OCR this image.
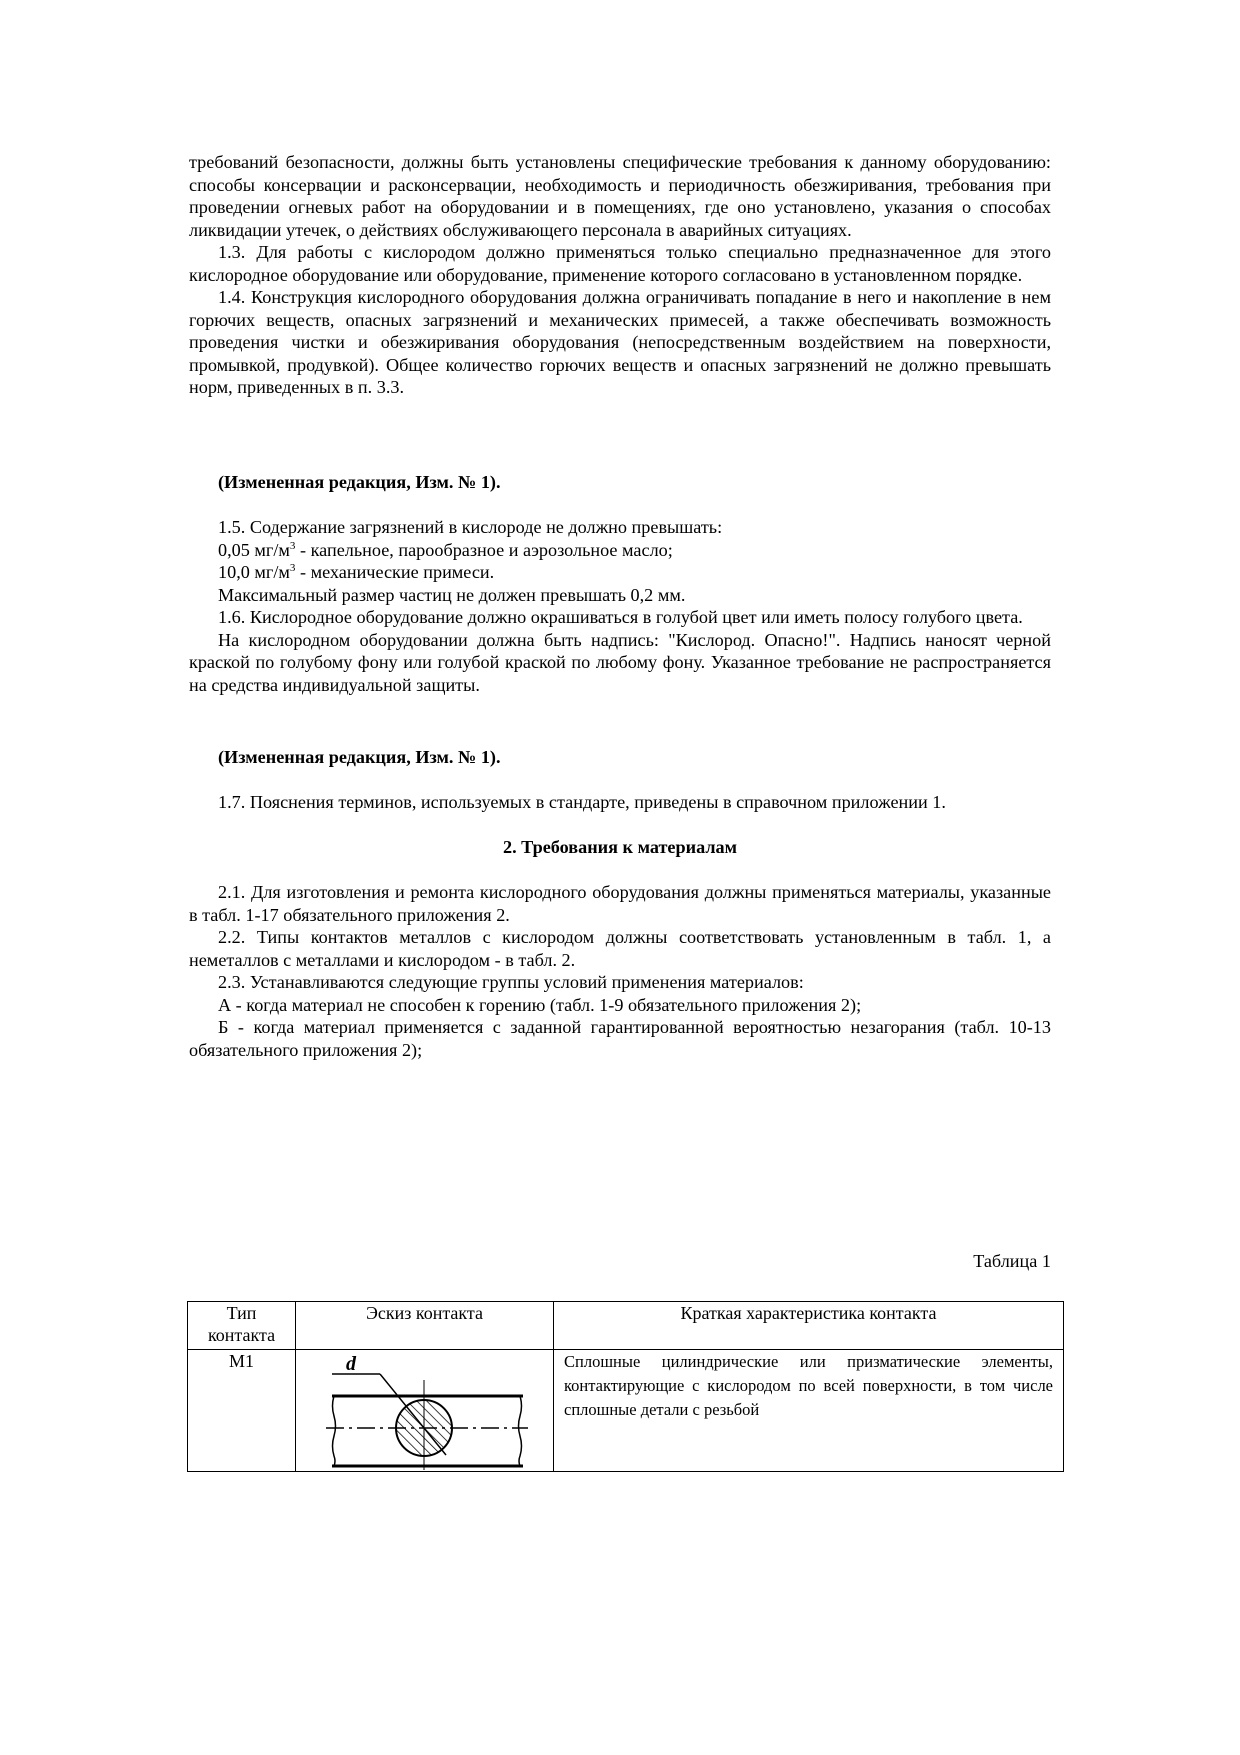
требований безопасности, должны быть установлены специфические требования к данному оборудованию: способы консервации и расконсервации, необходимость и периодичность обезжиривания, требования при проведении огневых работ на оборудовании и в помещениях, где оно установлено, указания о способах ликвидации утечек, о действиях обслуживающего персонала в аварийных ситуациях.

1.3. Для работы с кислородом должно применяться только специально предназначенное для этого кислородное оборудование или оборудование, применение которого согласовано в установленном порядке.

1.4. Конструкция кислородного оборудования должна ограничивать попадание в него и накопление в нем горючих веществ, опасных загрязнений и механических примесей, а также обеспечивать возможность проведения чистки и обезжиривания оборудования (непосредственным воздействием на поверхности, промывкой, продувкой). Общее количество горючих веществ и опасных загрязнений не должно превышать норм, приведенных в п. 3.3.

(Измененная редакция, Изм. № 1).

1.5. Содержание загрязнений в кислороде не должно превышать:

0,05 $мг/м^3$ - капельное, парообразное и аэрозольное масло;

10,0 $мг/м^3$ - механические примеси.

Максимальный размер частиц не должен превышать 0,2 мм.

1.6. Кислородное оборудование должно окрашиваться в голубой цвет или иметь полосу голубого цвета.

На кислородном оборудовании должна быть надпись: "Кислород. Опасно!". Надпись наносят черной краской по голубому фону или голубой краской по любому фону. Указанное требование не распространяется на средства индивидуальной защиты.

(Измененная редакция, Изм. № 1).

1.7. Пояснения терминов, используемых в стандарте, приведены в справочном приложении 1.

2. Требования к материалам

2.1. Для изготовления и ремонта кислородного оборудования должны применяться материалы, указанные в табл. 1-17 обязательного приложения 2.

2.2. Типы контактов металлов с кислородом должны соответствовать установленным в табл. 1, а неметаллов с металлами и кислородом - в табл. 2.

2.3. Устанавливаются следующие группы условий применения материалов:

А - когда материал не способен к горению (табл. 1-9 обязательного приложения 2);

Б - когда материал применяется с заданной гарантированной вероятностью незагорания (табл. 10-13 обязательного приложения 2);

Таблица 1
Тип контакта	Эскиз контакта	Краткая характеристика контакта
М1	d	Сплошные цилиндрические или призматические элементы, контактирующие с кислородом по всей поверхности, в том числе сплошные детали с резьбой
